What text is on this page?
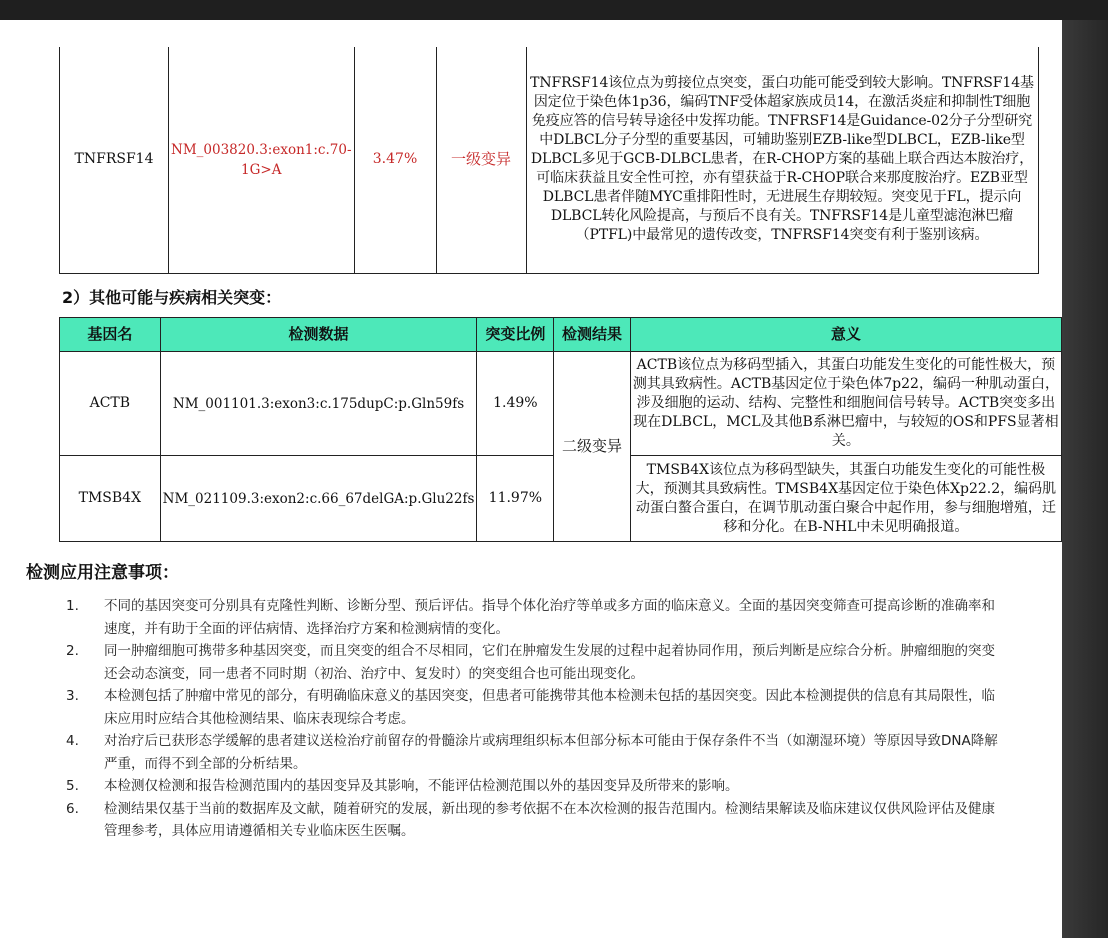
TNFRSF14	NM_003820.3:exon1:c.70-1G>A	3.47%	一级变异	TNFRSF14该位点为剪接位点突变，蛋白功能可能受到较大影响。TNFRSF14基因定位于染色体1p36，编码TNF受体超家族成员14，在激活炎症和抑制性T细胞免疫应答的信号转导途径中发挥功能。TNFRSF14是Guidance-02分子分型研究中DLBCL分子分型的重要基因，可辅助鉴别EZB-like型DLBCL，EZB-like型DLBCL多见于GCB-DLBCL患者，在R-CHOP方案的基础上联合西达本胺治疗，可临床获益且安全性可控，亦有望获益于R-CHOP联合来那度胺治疗。EZB亚型DLBCL患者伴随MYC重排阳性时，无进展生存期较短。突变见于FL，提示向DLBCL转化风险提高，与预后不良有关。TNFRSF14是儿童型滤泡淋巴瘤（PTFL)中最常见的遗传改变，TNFRSF14突变有利于鉴别该病。
2）其他可能与疾病相关突变：
基因名	检测数据	突变比例	检测结果	意义
ACTB	NM_001101.3:exon3:c.175dupC:p.Gln59fs	1.49%	二级变异	ACTB该位点为移码型插入，其蛋白功能发生变化的可能性极大，预测其具致病性。ACTB基因定位于染色体7p22，编码一种肌动蛋白，涉及细胞的运动、结构、完整性和细胞间信号转导。ACTB突变多出现在DLBCL，MCL及其他B系淋巴瘤中，与较短的OS和PFS显著相关。
TMSB4X	NM_021109.3:exon2:c.66_67delGA:p.Glu22fs	11.97%		TMSB4X该位点为移码型缺失，其蛋白功能发生变化的可能性极大，预测其具致病性。TMSB4X基因定位于染色体Xp22.2，编码肌动蛋白螯合蛋白，在调节肌动蛋白聚合中起作用，参与细胞增殖，迁移和分化。在B-NHL中未见明确报道。
检测应用注意事项：
1. 不同的基因突变可分别具有克隆性判断、诊断分型、预后评估。指导个体化治疗等单或多方面的临床意义。全面的基因突变筛查可提高诊断的准确率和速度，并有助于全面的评估病情、选择治疗方案和检测病情的变化。
2. 同一肿瘤细胞可携带多种基因突变，而且突变的组合不尽相同，它们在肿瘤发生发展的过程中起着协同作用，预后判断是应综合分析。肿瘤细胞的突变还会动态演变，同一患者不同时期（初治、治疗中、复发时）的突变组合也可能出现变化。
3. 本检测包括了肿瘤中常见的部分，有明确临床意义的基因突变，但患者可能携带其他本检测未包括的基因突变。因此本检测提供的信息有其局限性，临床应用时应结合其他检测结果、临床表现综合考虑。
4. 对治疗后已获形态学缓解的患者建议送检治疗前留存的骨髓涂片或病理组织标本但部分标本可能由于保存条件不当（如潮湿环境）等原因导致DNA降解严重，而得不到全部的分析结果。
5. 本检测仅检测和报告检测范围内的基因变异及其影响，不能评估检测范围以外的基因变异及所带来的影响。
6. 检测结果仅基于当前的数据库及文献，随着研究的发展，新出现的参考依据不在本次检测的报告范围内。检测结果解读及临床建议仅供风险评估及健康管理参考，具体应用请遵循相关专业临床医生医嘱。
